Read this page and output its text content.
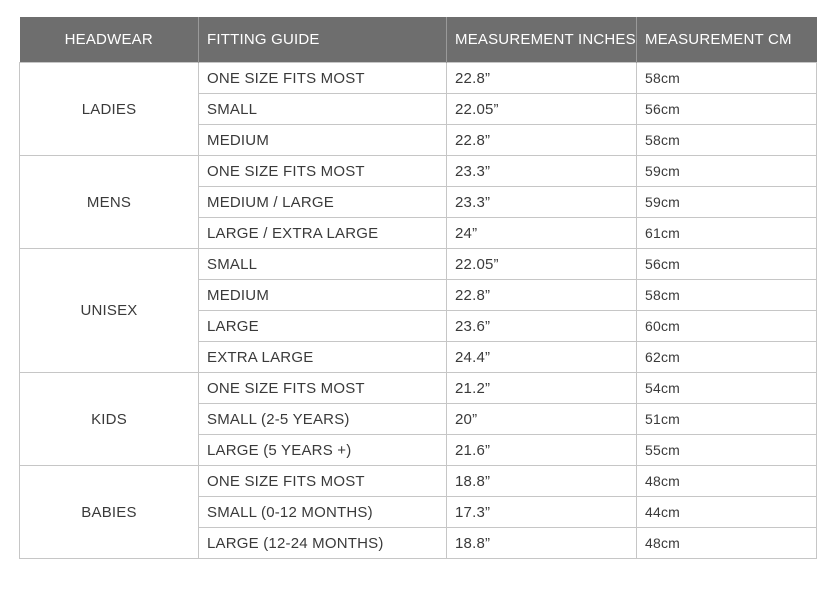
HEADWEAR	FITTING GUIDE	MEASUREMENT INCHES	MEASUREMENT CM
LADIES	ONE SIZE FITS MOST	22.8”	58cm
	SMALL	22.05”	56cm
	MEDIUM	22.8”	58cm
MENS	ONE SIZE FITS MOST	23.3”	59cm
	MEDIUM / LARGE	23.3”	59cm
	LARGE / EXTRA LARGE	24”	61cm
UNISEX	SMALL	22.05”	56cm
	MEDIUM	22.8”	58cm
	LARGE	23.6”	60cm
	EXTRA LARGE	24.4”	62cm
KIDS	ONE SIZE FITS MOST	21.2”	54cm
	SMALL (2-5 YEARS)	20”	51cm
	LARGE (5 YEARS +)	21.6”	55cm
BABIES	ONE SIZE FITS MOST	18.8”	48cm
	SMALL (0-12 MONTHS)	17.3”	44cm
	LARGE (12-24 MONTHS)	18.8”	48cm
